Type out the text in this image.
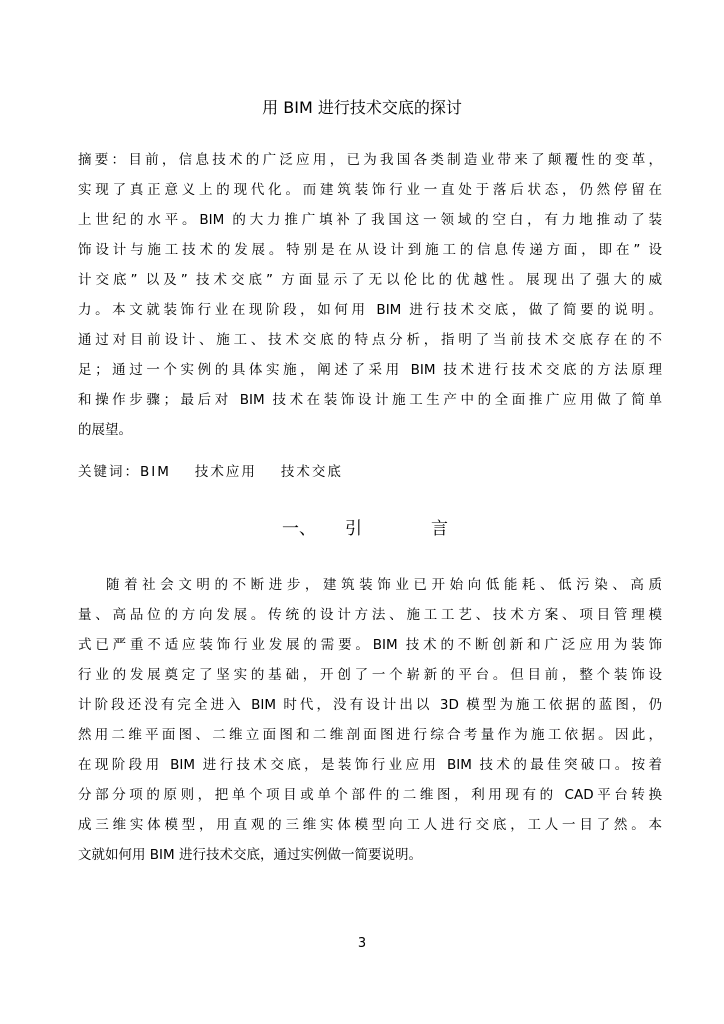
用 BIM 进行技术交底的探讨
摘要：目前，信息技术的广泛应用，已为我国各类制造业带来了颠覆性的变革，
实现了真正意义上的现代化。而建筑装饰行业一直处于落后状态，仍然停留在
上世纪的水平。BIM 的大力推广填补了我国这一领域的空白，有力地推动了装
饰设计与施工技术的发展。特别是在从设计到施工的信息传递方面，即在” 设
计交底” 以及” 技术交底” 方面显示了无以伦比的优越性。展现出了强大的威
力。本文就装饰行业在现阶段，如何用 BIM 进行技术交底，做了简要的说明。
通过对目前设计、施工、技术交底的特点分析，指明了当前技术交底存在的不
足；通过一个实例的具体实施，阐述了采用 BIM 技术进行技术交底的方法原理
和操作步骤；最后对 BIM 技术在装饰设计施工生产中的全面推广应用做了简单
的展望。
关键词：BIM 技术应用 技术交底
一、 引	言
随着社会文明的不断进步，建筑装饰业已开始向低能耗、低污染、高质
量、高品位的方向发展。传统的设计方法、施工工艺、技术方案、项目管理模
式已严重不适应装饰行业发展的需要。BIM 技术的不断创新和广泛应用为装饰
行业的发展奠定了坚实的基础，开创了一个崭新的平台。但目前，整个装饰设
计阶段还没有完全进入 BIM 时代，没有设计出以 3D 模型为施工依据的蓝图，仍
然用二维平面图、二维立面图和二维剖面图进行综合考量作为施工依据。因此，
在现阶段用 BIM 进行技术交底，是装饰行业应用 BIM 技术的最佳突破口。按着
分部分项的原则，把单个项目或单个部件的二维图，利用现有的 CAD平台转换
成三维实体模型，用直观的三维实体模型向工人进行交底，工人一目了然。本
文就如何用 BIM 进行技术交底，通过实例做一简要说明。
3
